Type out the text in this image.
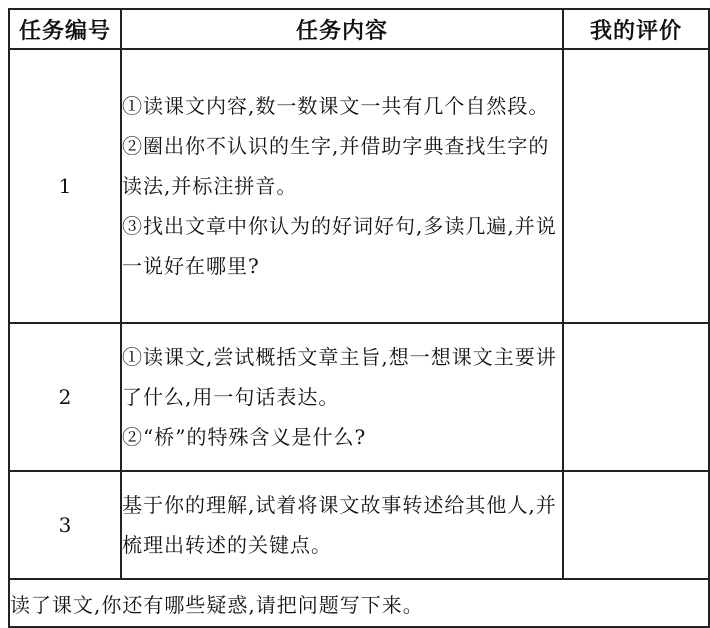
任务编号	任务内容	我的评价
1	①读课文内容,数一数课文一共有几个自然段。

②圈出你不认识的生字,并借助字典查找生字的读法,并标注拼音。

③找出文章中你认为的好词好句,多读几遍,并说一说好在哪里?	

2	①读课文,尝试概括文章主旨,想一想课文主要讲了什么,用一句话表达。

②“桥”的特殊含义是什么?	

3	基于你的理解,试着将课文故事转述给其他人,并梳理出转述的关键点。	

读了课文,你还有哪些疑惑,请把问题写下来。		
